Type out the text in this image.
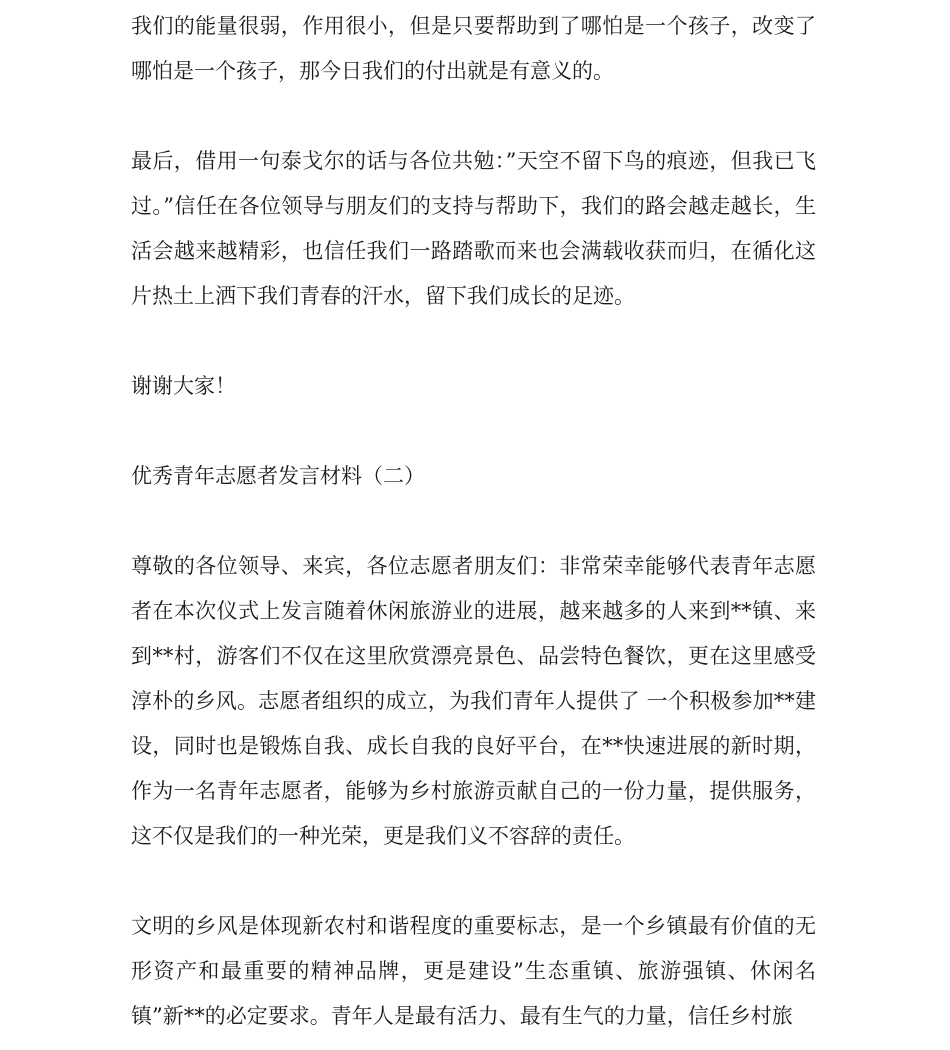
我们的能量很弱，作用很小，但是只要帮助到了哪怕是一个孩子，改变了哪怕是一个孩子，那今日我们的付出就是有意义的。

最后，借用一句泰戈尔的话与各位共勉：”天空不留下鸟的痕迹，但我已飞过。”信任在各位领导与朋友们的支持与帮助下，我们的路会越走越长，生活会越来越精彩，也信任我们一路踏歌而来也会满载收获而归，在循化这片热土上洒下我们青春的汗水，留下我们成长的足迹。

谢谢大家！

优秀青年志愿者发言材料（二）

尊敬的各位领导、来宾，各位志愿者朋友们：非常荣幸能够代表青年志愿者在本次仪式上发言随着休闲旅游业的进展，越来越多的人来到**镇、来到**村，游客们不仅在这里欣赏漂亮景色、品尝特色餐饮，更在这里感受淳朴的乡风。志愿者组织的成立，为我们青年人提供了 一个积极参加**建设，同时也是锻炼自我、成长自我的良好平台，在**快速进展的新时期，作为一名青年志愿者，能够为乡村旅游贡献自己的一份力量，提供服务，这不仅是我们的一种光荣，更是我们义不容辞的责任。

文明的乡风是体现新农村和谐程度的重要标志，是一个乡镇最有价值的无形资产和最重要的精神品牌，更是建设”生态重镇、旅游强镇、休闲名镇”新**的必定要求。青年人是最有活力、最有生气的力量，信任乡村旅
